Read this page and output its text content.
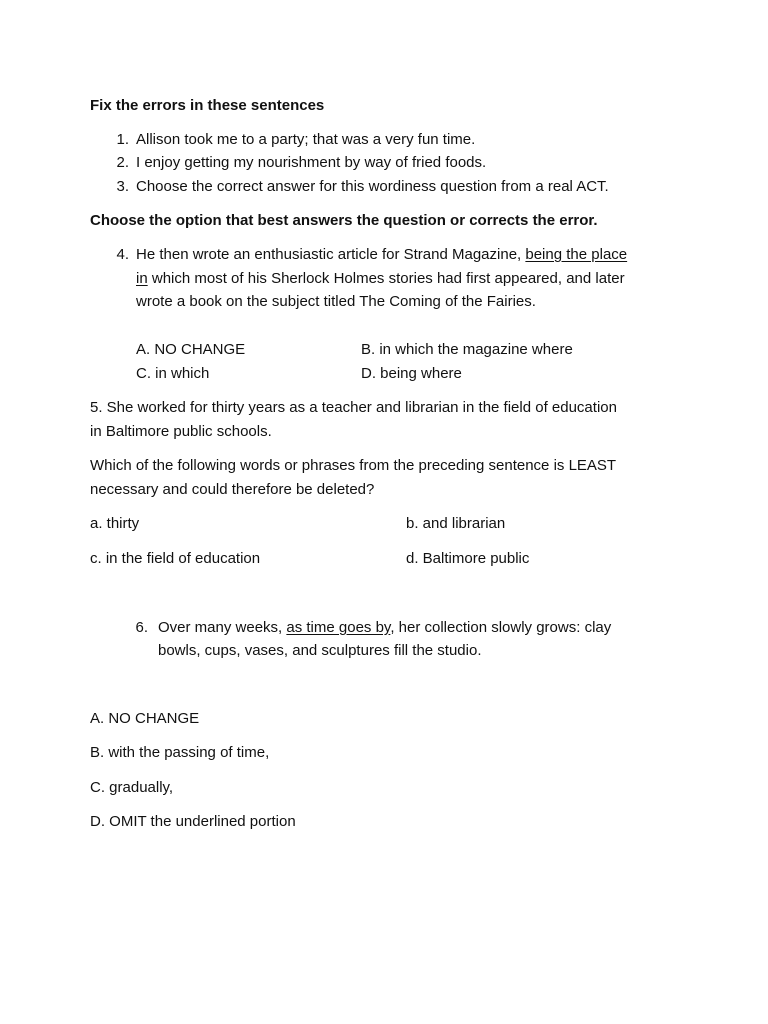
Fix the errors in these sentences
1. Allison took me to a party; that was a very fun time.
2. I enjoy getting my nourishment by way of fried foods.
3. Choose the correct answer for this wordiness question from a real ACT.
Choose the option that best answers the question or corrects the error.
4. He then wrote an enthusiastic article for Strand Magazine, being the place
in which most of his Sherlock Holmes stories had first appeared, and later
wrote a book on the subject titled The Coming of the Fairies.
A. NO CHANGE	B. in which the magazine where
C. in which	D. being where
5. She worked for thirty years as a teacher and librarian in the field of education
in Baltimore public schools.
Which of the following words or phrases from the preceding sentence is LEAST
necessary and could therefore be deleted?
a. thirty	b. and librarian
c. in the field of education	d. Baltimore public
6. Over many weeks, as time goes by, her collection slowly grows: clay
bowls, cups, vases, and sculptures fill the studio.
A. NO CHANGE
B. with the passing of time,
C. gradually,
D. OMIT the underlined portion
